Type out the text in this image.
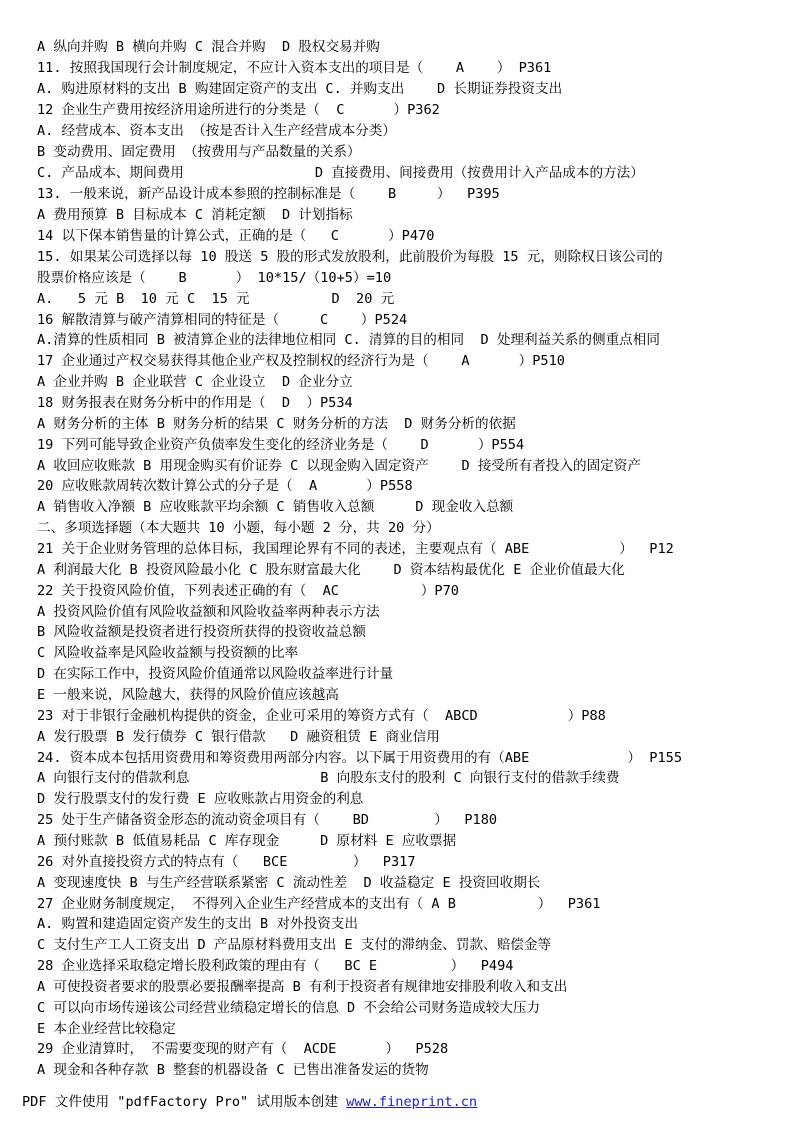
A 纵向并购 B 横向并购 C 混合并购  D 股权交易并购
11. 按照我国现行会计制度规定，不应计入资本支出的项目是（    A    ） P361
A. 购进原材料的支出 B 购建固定资产的支出 C. 并购支出    D 长期证券投资支出
12 企业生产费用按经济用途所进行的分类是（  C      ）P362
A. 经营成本、资本支出 （按是否计入生产经营成本分类）
B 变动费用、固定费用 （按费用与产品数量的关系）
C. 产品成本、期间费用                D 直接费用、间接费用（按费用计入产品成本的方法）
13. 一般来说，新产品设计成本参照的控制标准是（    B     ）  P395
A 费用预算 B 目标成本 C 消耗定额  D 计划指标
14 以下保本销售量的计算公式，正确的是（   C      ）P470
15. 如果某公司选择以每 10 股送 5 股的形式发放股利，此前股价为每股 15 元，则除权日该公司的
股票价格应该是（    B      ） 10*15/（10+5）=10
A.   5 元 B  10 元 C  15 元          D  20 元
16 解散清算与破产清算相同的特征是（     C    ）P524
A.清算的性质相同 B 被清算企业的法律地位相同 C. 清算的目的相同  D 处理利益关系的侧重点相同
17 企业通过产权交易获得其他企业产权及控制权的经济行为是（    A      ）P510
A 企业并购 B 企业联营 C 企业设立  D 企业分立
18 财务报表在财务分析中的作用是（  D  ）P534
A 财务分析的主体 B 财务分析的结果 C 财务分析的方法  D 财务分析的依据
19 下列可能导致企业资产负债率发生变化的经济业务是（    D      ）P554
A 收回应收账款 B 用现金购买有价证券 C 以现金购入固定资产    D 接受所有者投入的固定资产
20 应收账款周转次数计算公式的分子是（  A      ）P558
A 销售收入净额 B 应收账款平均余额 C 销售收入总额     D 现金收入总额
二、多项选择题（本大题共 10 小题，每小题 2 分，共 20 分）
21 关于企业财务管理的总体目标，我国理论界有不同的表述，主要观点有（ ABE           ）  P12
A 利润最大化 B 投资风险最小化 C 股东财富最大化    D 资本结构最优化 E 企业价值最大化
22 关于投资风险价值，下列表述正确的有（  AC          ）P70
A 投资风险价值有风险收益额和风险收益率两种表示方法
B 风险收益额是投资者进行投资所获得的投资收益总额
C 风险收益率是风险收益额与投资额的比率
D 在实际工作中，投资风险价值通常以风险收益率进行计量
E 一般来说，风险越大，获得的风险价值应该越高
23 对于非银行金融机构提供的资金，企业可采用的筹资方式有（  ABCD           ）P88
A 发行股票 B 发行债券 C 银行借款   D 融资租赁 E 商业信用
24. 资本成本包括用资费用和筹资费用两部分内容。以下属于用资费用的有（ABE            ） P155
A 向银行支付的借款利息                B 向股东支付的股利 C 向银行支付的借款手续费
D 发行股票支付的发行费 E 应收账款占用资金的利息
25 处于生产储备资金形态的流动资金项目有（    BD        ）  P180
A 预付账款 B 低值易耗品 C 库存现金     D 原材料 E 应收票据
26 对外直接投资方式的特点有（   BCE        ）  P317
A 变现速度快 B 与生产经营联系紧密 C 流动性差  D 收益稳定 E 投资回收期长
27 企业财务制度规定， 不得列入企业生产经营成本的支出有（ A B          ）  P361
A. 购置和建造固定资产发生的支出 B 对外投资支出
C 支付生产工人工资支出 D 产品原材料费用支出 E 支付的滞纳金、罚款、赔偿金等
28 企业选择采取稳定增长股利政策的理由有（   BC E         ）  P494
A 可使投资者要求的股票必要报酬率提高 B 有利于投资者有规律地安排股利收入和支出
C 可以向市场传递该公司经营业绩稳定增长的信息 D 不会给公司财务造成较大压力
E 本企业经营比较稳定
29 企业清算时， 不需要变现的财产有（  ACDE      ）  P528
A 现金和各种存款 B 整套的机器设备 C 已售出准备发运的货物
PDF 文件使用 "pdfFactory Pro" 试用版本创建 www.fineprint.cn
